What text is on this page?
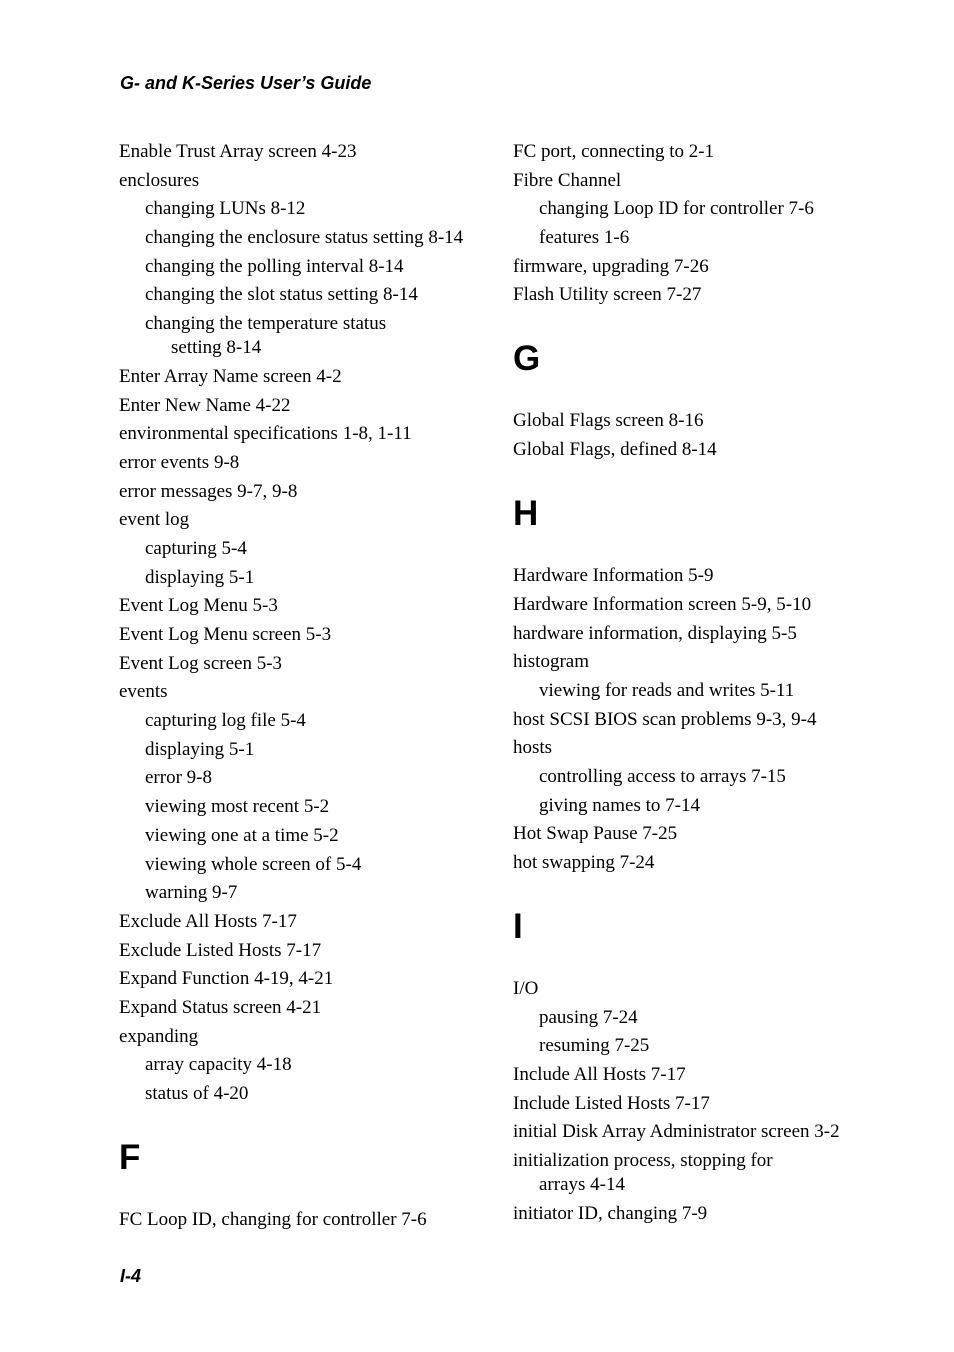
G- and K-Series User’s Guide
Enable Trust Array screen 4-23
enclosures
changing LUNs 8-12
changing the enclosure status setting 8-14
changing the polling interval 8-14
changing the slot status setting 8-14
changing the temperature status
setting 8-14
Enter Array Name screen 4-2
Enter New Name 4-22
environmental specifications 1-8, 1-11
error events 9-8
error messages 9-7, 9-8
event log
capturing 5-4
displaying 5-1
Event Log Menu 5-3
Event Log Menu screen 5-3
Event Log screen 5-3
events
capturing log file 5-4
displaying 5-1
error 9-8
viewing most recent 5-2
viewing one at a time 5-2
viewing whole screen of 5-4
warning 9-7
Exclude All Hosts 7-17
Exclude Listed Hosts 7-17
Expand Function 4-19, 4-21
Expand Status screen 4-21
expanding
array capacity 4-18
status of 4-20
F
FC Loop ID, changing for controller 7-6
FC port, connecting to 2-1
Fibre Channel
changing Loop ID for controller 7-6
features 1-6
firmware, upgrading 7-26
Flash Utility screen 7-27
G
Global Flags screen 8-16
Global Flags, defined 8-14
H
Hardware Information 5-9
Hardware Information screen 5-9, 5-10
hardware information, displaying 5-5
histogram
viewing for reads and writes 5-11
host SCSI BIOS scan problems 9-3, 9-4
hosts
controlling access to arrays 7-15
giving names to 7-14
Hot Swap Pause 7-25
hot swapping 7-24
I
I/O
pausing 7-24
resuming 7-25
Include All Hosts 7-17
Include Listed Hosts 7-17
initial Disk Array Administrator screen 3-2
initialization process, stopping for
arrays 4-14
initiator ID, changing 7-9
I-4
